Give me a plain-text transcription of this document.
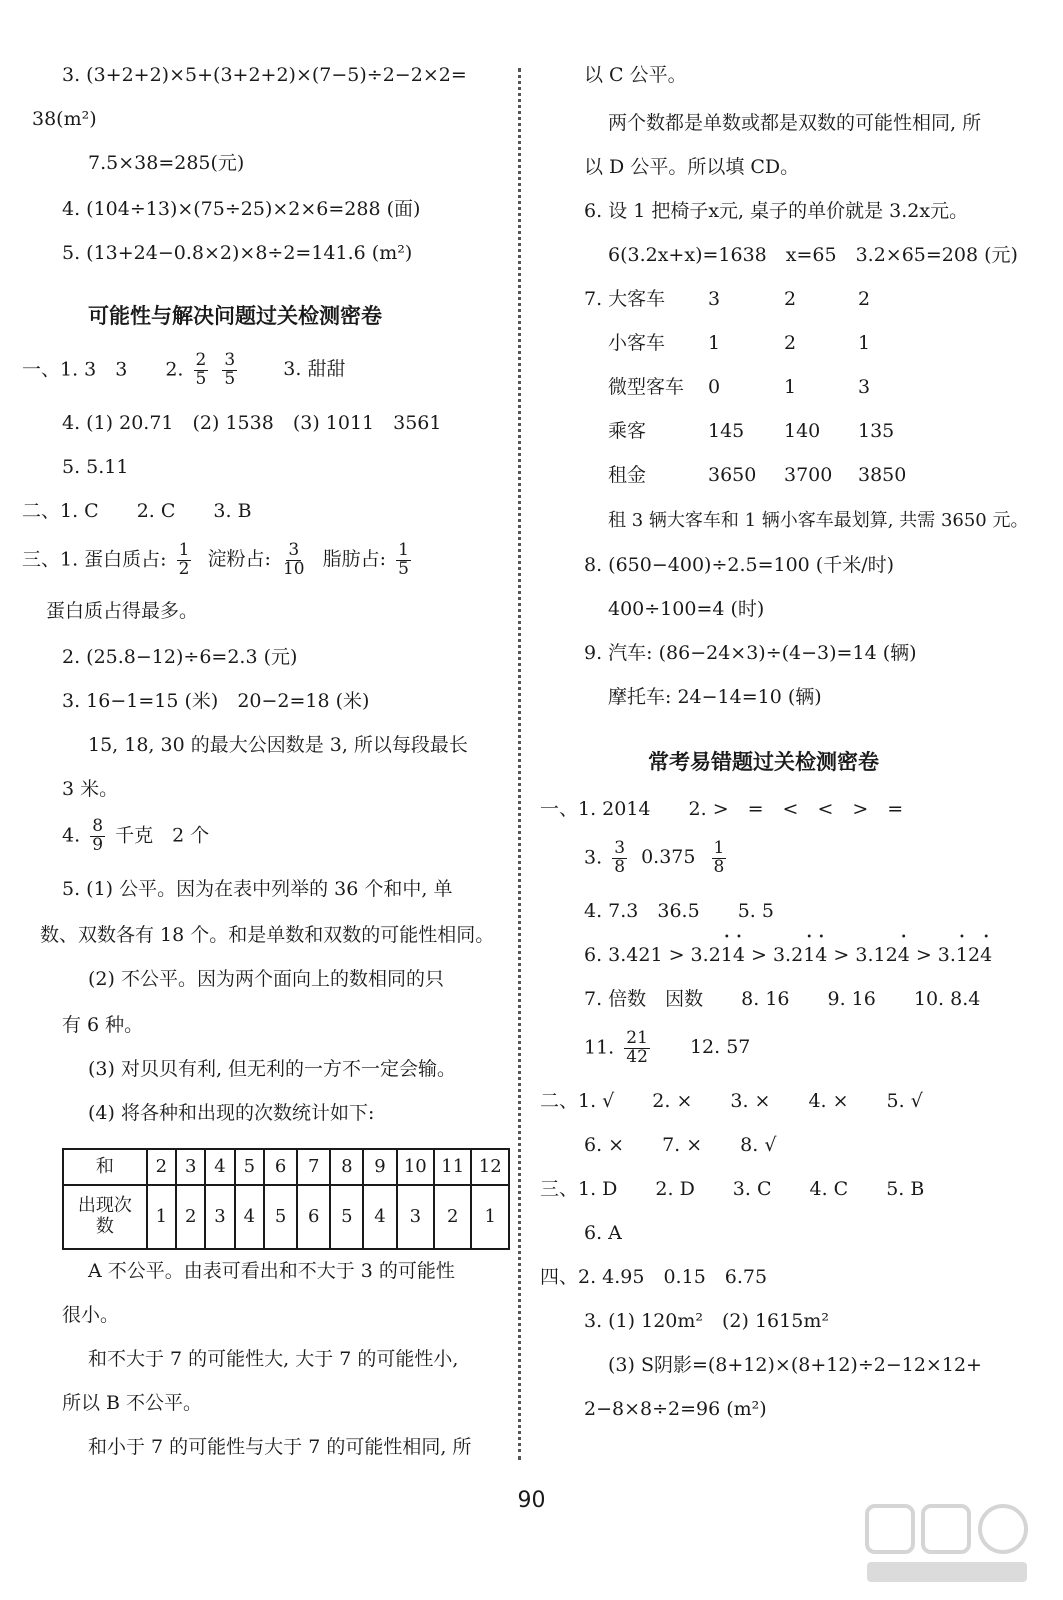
3. (3+2+2)×5+(3+2+2)×(7−5)÷2−2×2=
38(m²)
7.5×38=285(元)
4. (104÷13)×(75÷25)×2×6=288 (面)
5. (13+24−0.8×2)×8÷2=141.6 (m²)
可能性与解决问题过关检测密卷
一、1. 3　3　　2. $\frac{2}{5}$
$\frac{3}{5} 3$. 甜甜
4. (1) 20.71　(2) 1538　(3) 1011　3561
5. 5.11
二、1. C　　2. C　　3. B
三、1. 蛋白质占: $\frac{1}{2}$ 淀粉占: $\frac{3}{10}$ 脂肪占: $\frac{1}{5}$
蛋白质占得最多。
2. (25.8−12)÷6=2.3 (元)
3. 16−1=15 (米)　20−2=18 (米)
15, 18, 30 的最大公因数是 3, 所以每段最长
3 米。
4. $\frac{8}{9}$ 千克　2 个
5. (1) 公平。因为在表中列举的 36 个和中, 单
数、双数各有 18 个。和是单数和双数的可能性相同。
(2) 不公平。因为两个面向上的数相同的只
有 6 种。
(3) 对贝贝有利, 但无利的一方不一定会输。
(4) 将各种和出现的次数统计如下:
和	2	3	4	5	6	7	8	9	10	11	12
出现次数	1	2	3	4	5	6	5	4	3	2	1
A 不公平。由表可看出和不大于 3 的可能性
很小。
和不大于 7 的可能性大, 大于 7 的可能性小,
所以 B 不公平。
和小于 7 的可能性与大于 7 的可能性相同, 所
以 C 公平。
两个数都是单数或都是双数的可能性相同, 所
以 D 公平。所以填 CD。
6. 设 1 把椅子x元, 桌子的单价就是 3.2x元。
6(3.2x+x)=1638　x=65　3.2×65=208 (元)
7. 大客车 3	2	2
小客车 1	2	1
微型客车 0	1	3
乘客	145 140 135
租金	3650 3700 3850
租 3 辆大客车和 1 辆小客车最划算, 共需 3650 元。
8. (650−400)÷2.5=100 (千米/时)
400÷100=4 (时)
9. 汽车: (86−24×3)÷(4−3)=14 (辆)
摩托车: 24−14=10 (辆)
常考易错题过关检测密卷
一、1. 2014　　2. >　=　<　<　>　=
3. $\frac{3}{8} 0.375 \frac{1}{8}$
4. 7.3　36.5　　5. 5
6. 3.421 > 3.2• 1• 4 > 3.2• 1• 4 > 3.12• 4 > 3.• 12• 4
7. 倍数　因数　　8. 16　　9. 16　　10. 8.4
11. $\frac{21}{42} 12$. 57
二、1. √　　2. ×　　3. ×　　4. ×　　5. √
6. ×　　7. ×　　8. √
三、1. D　　2. D　　3. C　　4. C　　5. B
6. A
四、2. 4.95　0.15　6.75
3. (1) 120m²　(2) 1615m²
(3) S阴影=(8+12)×(8+12)÷2−12×12+
2−8×8÷2=96 (m²)
90
